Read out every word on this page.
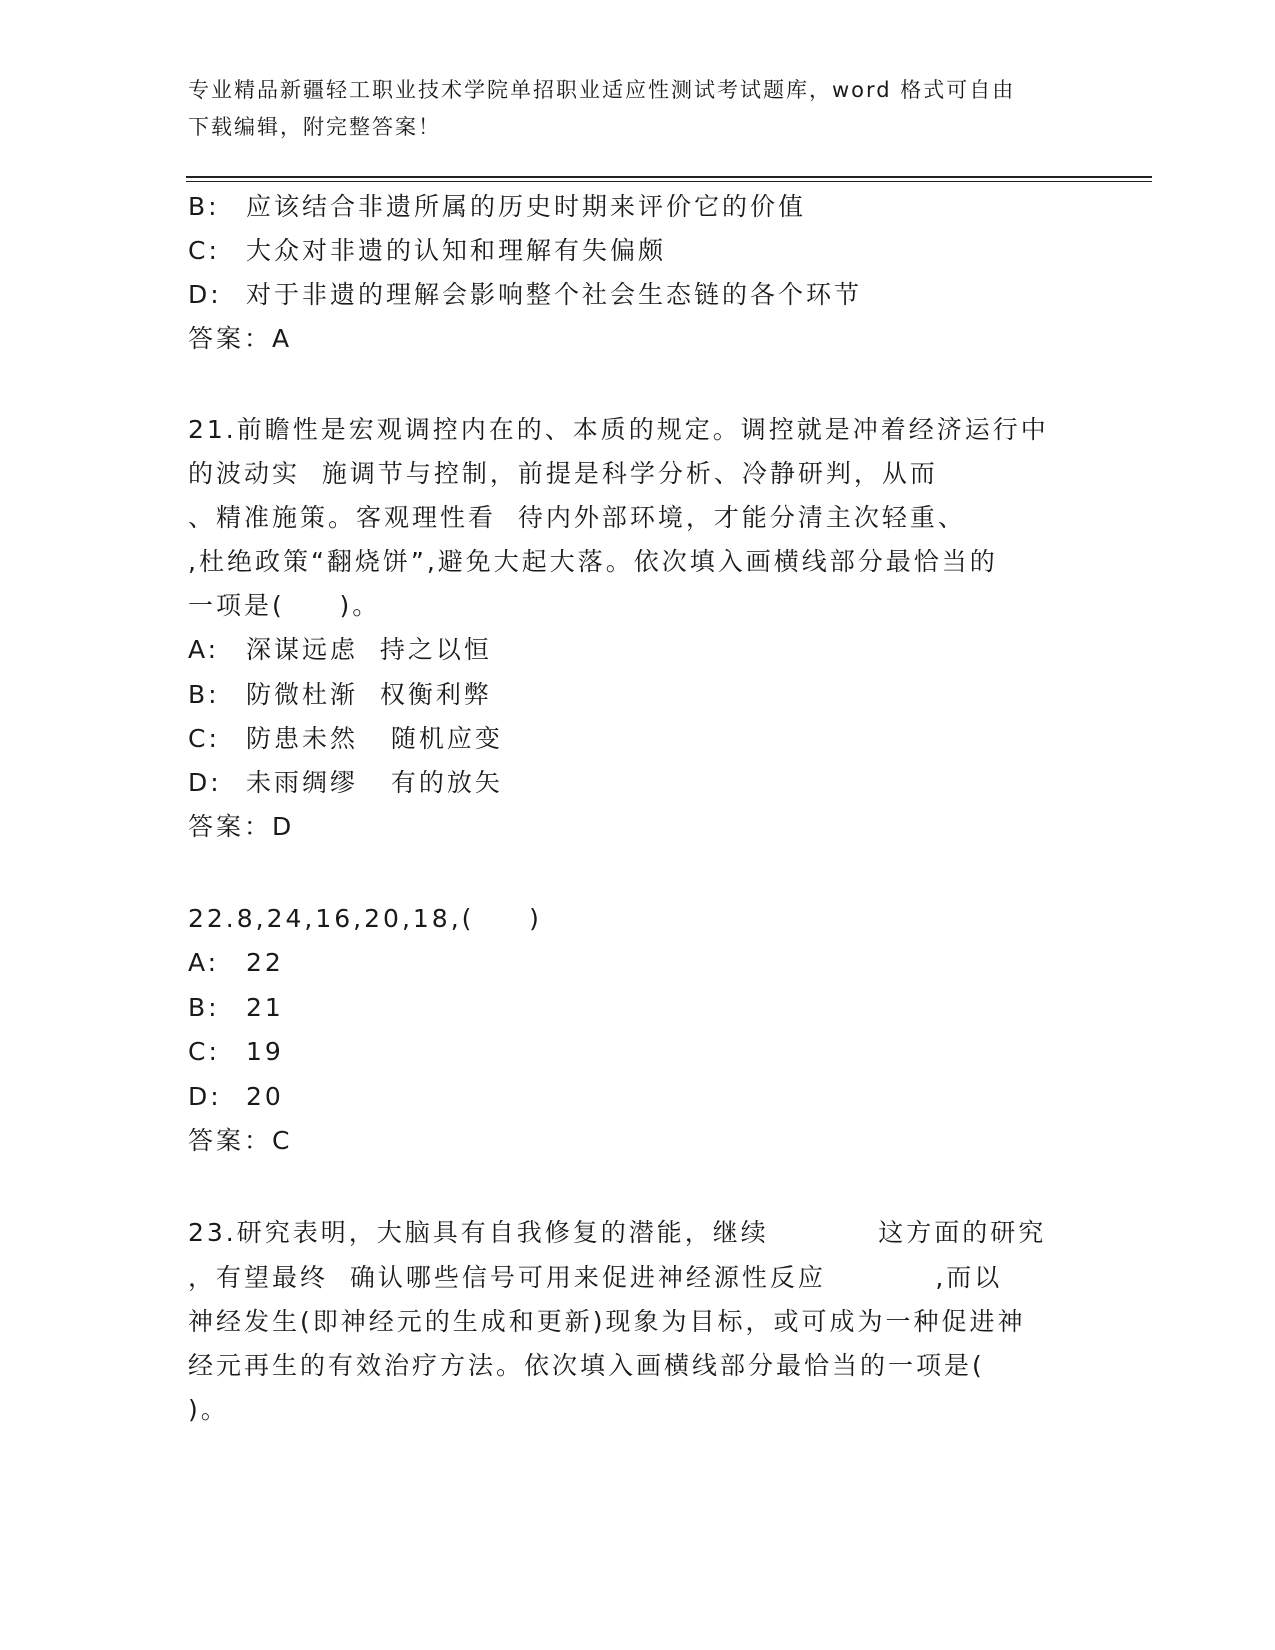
专业精品新疆轻工职业技术学院单招职业适应性测试考试题库，word 格式可自由
下载编辑，附完整答案！
B:	应该结合非遗所属的历史时期来评价它的价值
C:	大众对非遗的认知和理解有失偏颇
D: 对于非遗的理解会影响整个社会生态链的各个环节
答案：A
21.前瞻性是宏观调控内在的、本质的规定。调控就是冲着经济运行中
的波动实  施调节与控制，前提是科学分析、冷静研判，从而
、精准施策。客观理性看  待内外部环境，才能分清主次轻重、
,杜绝政策“翻烧饼”,避免大起大落。依次填入画横线部分最恰当的
一项是(     )。
A:	深谋远虑  持之以恒
B:	防微杜渐  权衡利弊
C:	防患未然   随机应变
D: 未雨绸缪   有的放矢
答案：D
22.8,24,16,20,18,(     )
A:	22
B:	21
C:	19
D: 20
答案：C
23.研究表明，大脑具有自我修复的潜能，继续          这方面的研究
，有望最终  确认哪些信号可用来促进神经源性反应          ,而以
神经发生(即神经元的生成和更新)现象为目标，或可成为一种促进神
经元再生的有效治疗方法。依次填入画横线部分最恰当的一项是(
)。
